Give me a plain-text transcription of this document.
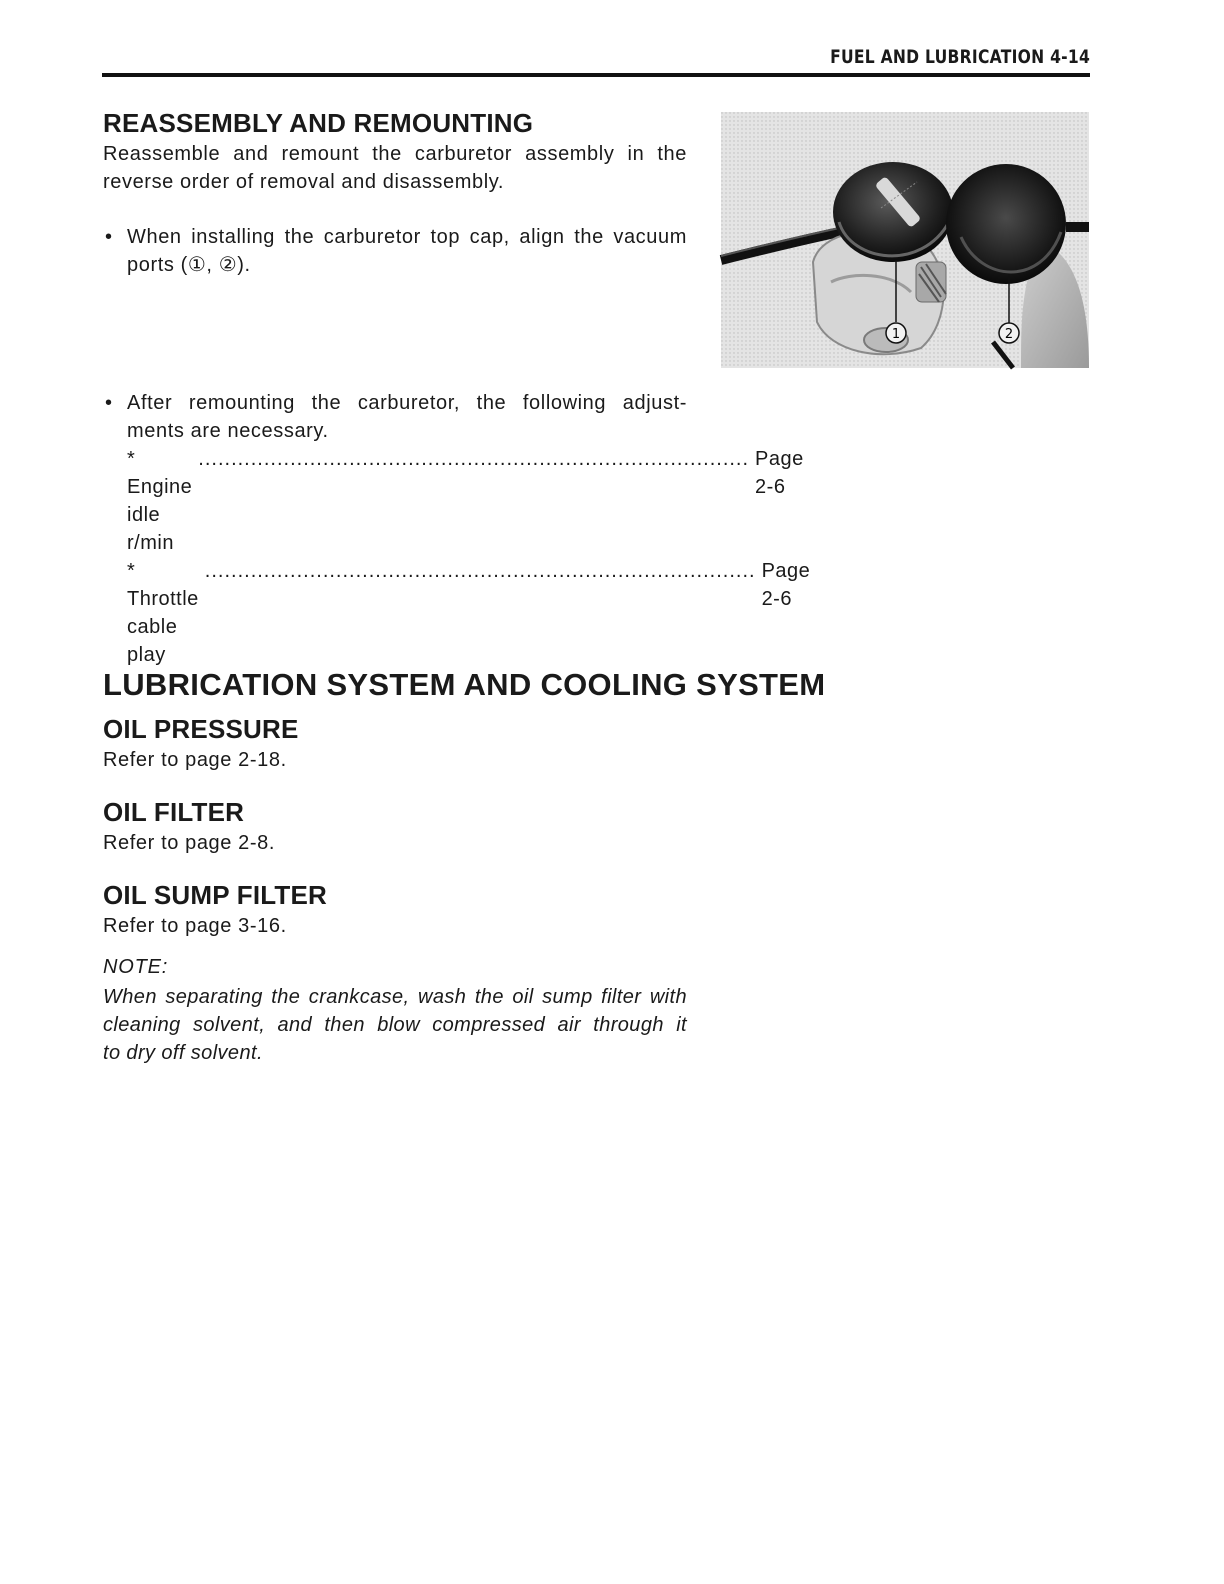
FUEL AND LUBRICATION 4-14
REASSEMBLY AND REMOUNTING
Reassemble and remount the carburetor assembly in the
reverse order of removal and disassembly.
• When installing the carburetor top cap, align the vacuum
ports (①, ②).
1	2
• After remounting the carburetor, the following adjust-
ments are necessary.
* Engine idle r/min
.................................................................................... Page 2-6
* Throttle cable play
.................................................................................... Page 2-6
LUBRICATION SYSTEM AND COOLING SYSTEM
OIL PRESSURE

Refer to page 2-18.

OIL FILTER

Refer to page 2-8.

OIL SUMP FILTER

Refer to page 3-16.

NOTE:

When separating the crankcase, wash the oil sump filter with
cleaning solvent, and then blow compressed air through it
to dry off solvent.
